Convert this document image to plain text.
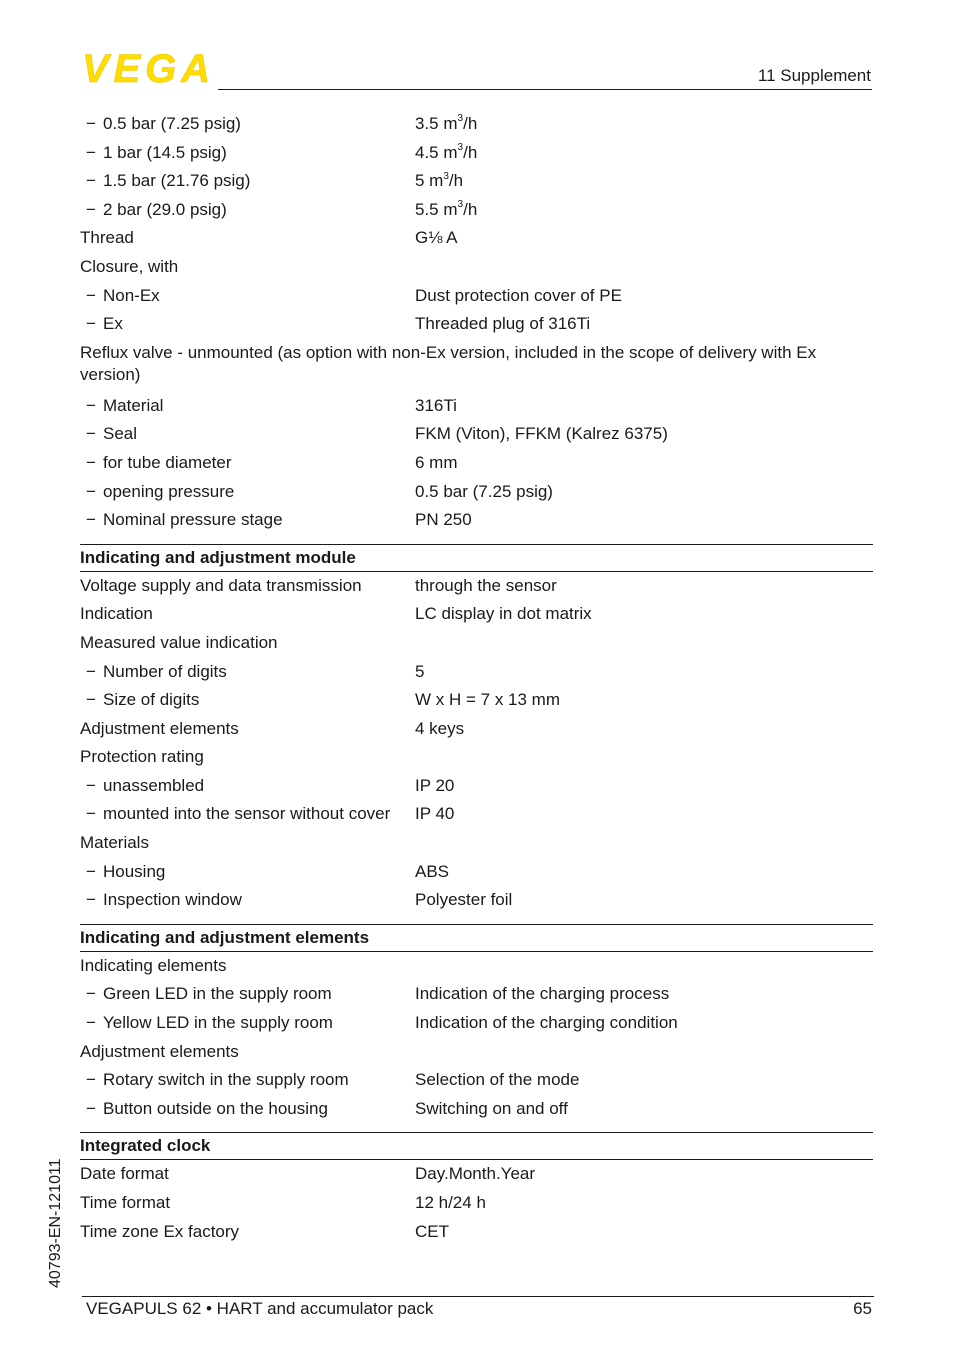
VEGA	11 Supplement
− 0.5 bar (7.25 psig)	3.5 $m^3/h$
− 1 bar (14.5 psig)	4.5 $m^3/h$
− 1.5 bar (21.76 psig)	5 $m^3/h$
− 2 bar (29.0 psig)	5.5 $m^3/h$
Thread	G⅛ A
Closure, with
− Non-Ex	Dust protection cover of PE
− Ex	Threaded plug of 316Ti
Reflux valve - unmounted (as option with non-Ex version, included in the scope of delivery with Ex version)
− Material	316Ti
− Seal	FKM (Viton), FFKM (Kalrez 6375)
− for tube diameter	6 mm
− opening pressure	0.5 bar (7.25 psig)
− Nominal pressure stage	PN 250
Indicating and adjustment module
Voltage supply and data transmission	through the sensor
Indication	LC display in dot matrix
Measured value indication
− Number of digits	5
− Size of digits	W x H = 7 x 13 mm
Adjustment elements	4 keys
Protection rating
− unassembled	IP 20
− mounted into the sensor without cover IP 40
Materials
− Housing	ABS
− Inspection window	Polyester foil
Indicating and adjustment elements
Indicating elements
− Green LED in the supply room	Indication of the charging process
− Yellow LED in the supply room	Indication of the charging condition
Adjustment elements
− Rotary switch in the supply room	Selection of the mode
− Button outside on the housing	Switching on and off
Integrated clock
Date format	Day.Month.Year
Time format	12 h/24 h
Time zone Ex factory	CET
40793-EN-121011
VEGAPULS 62 • HART and accumulator pack	65
